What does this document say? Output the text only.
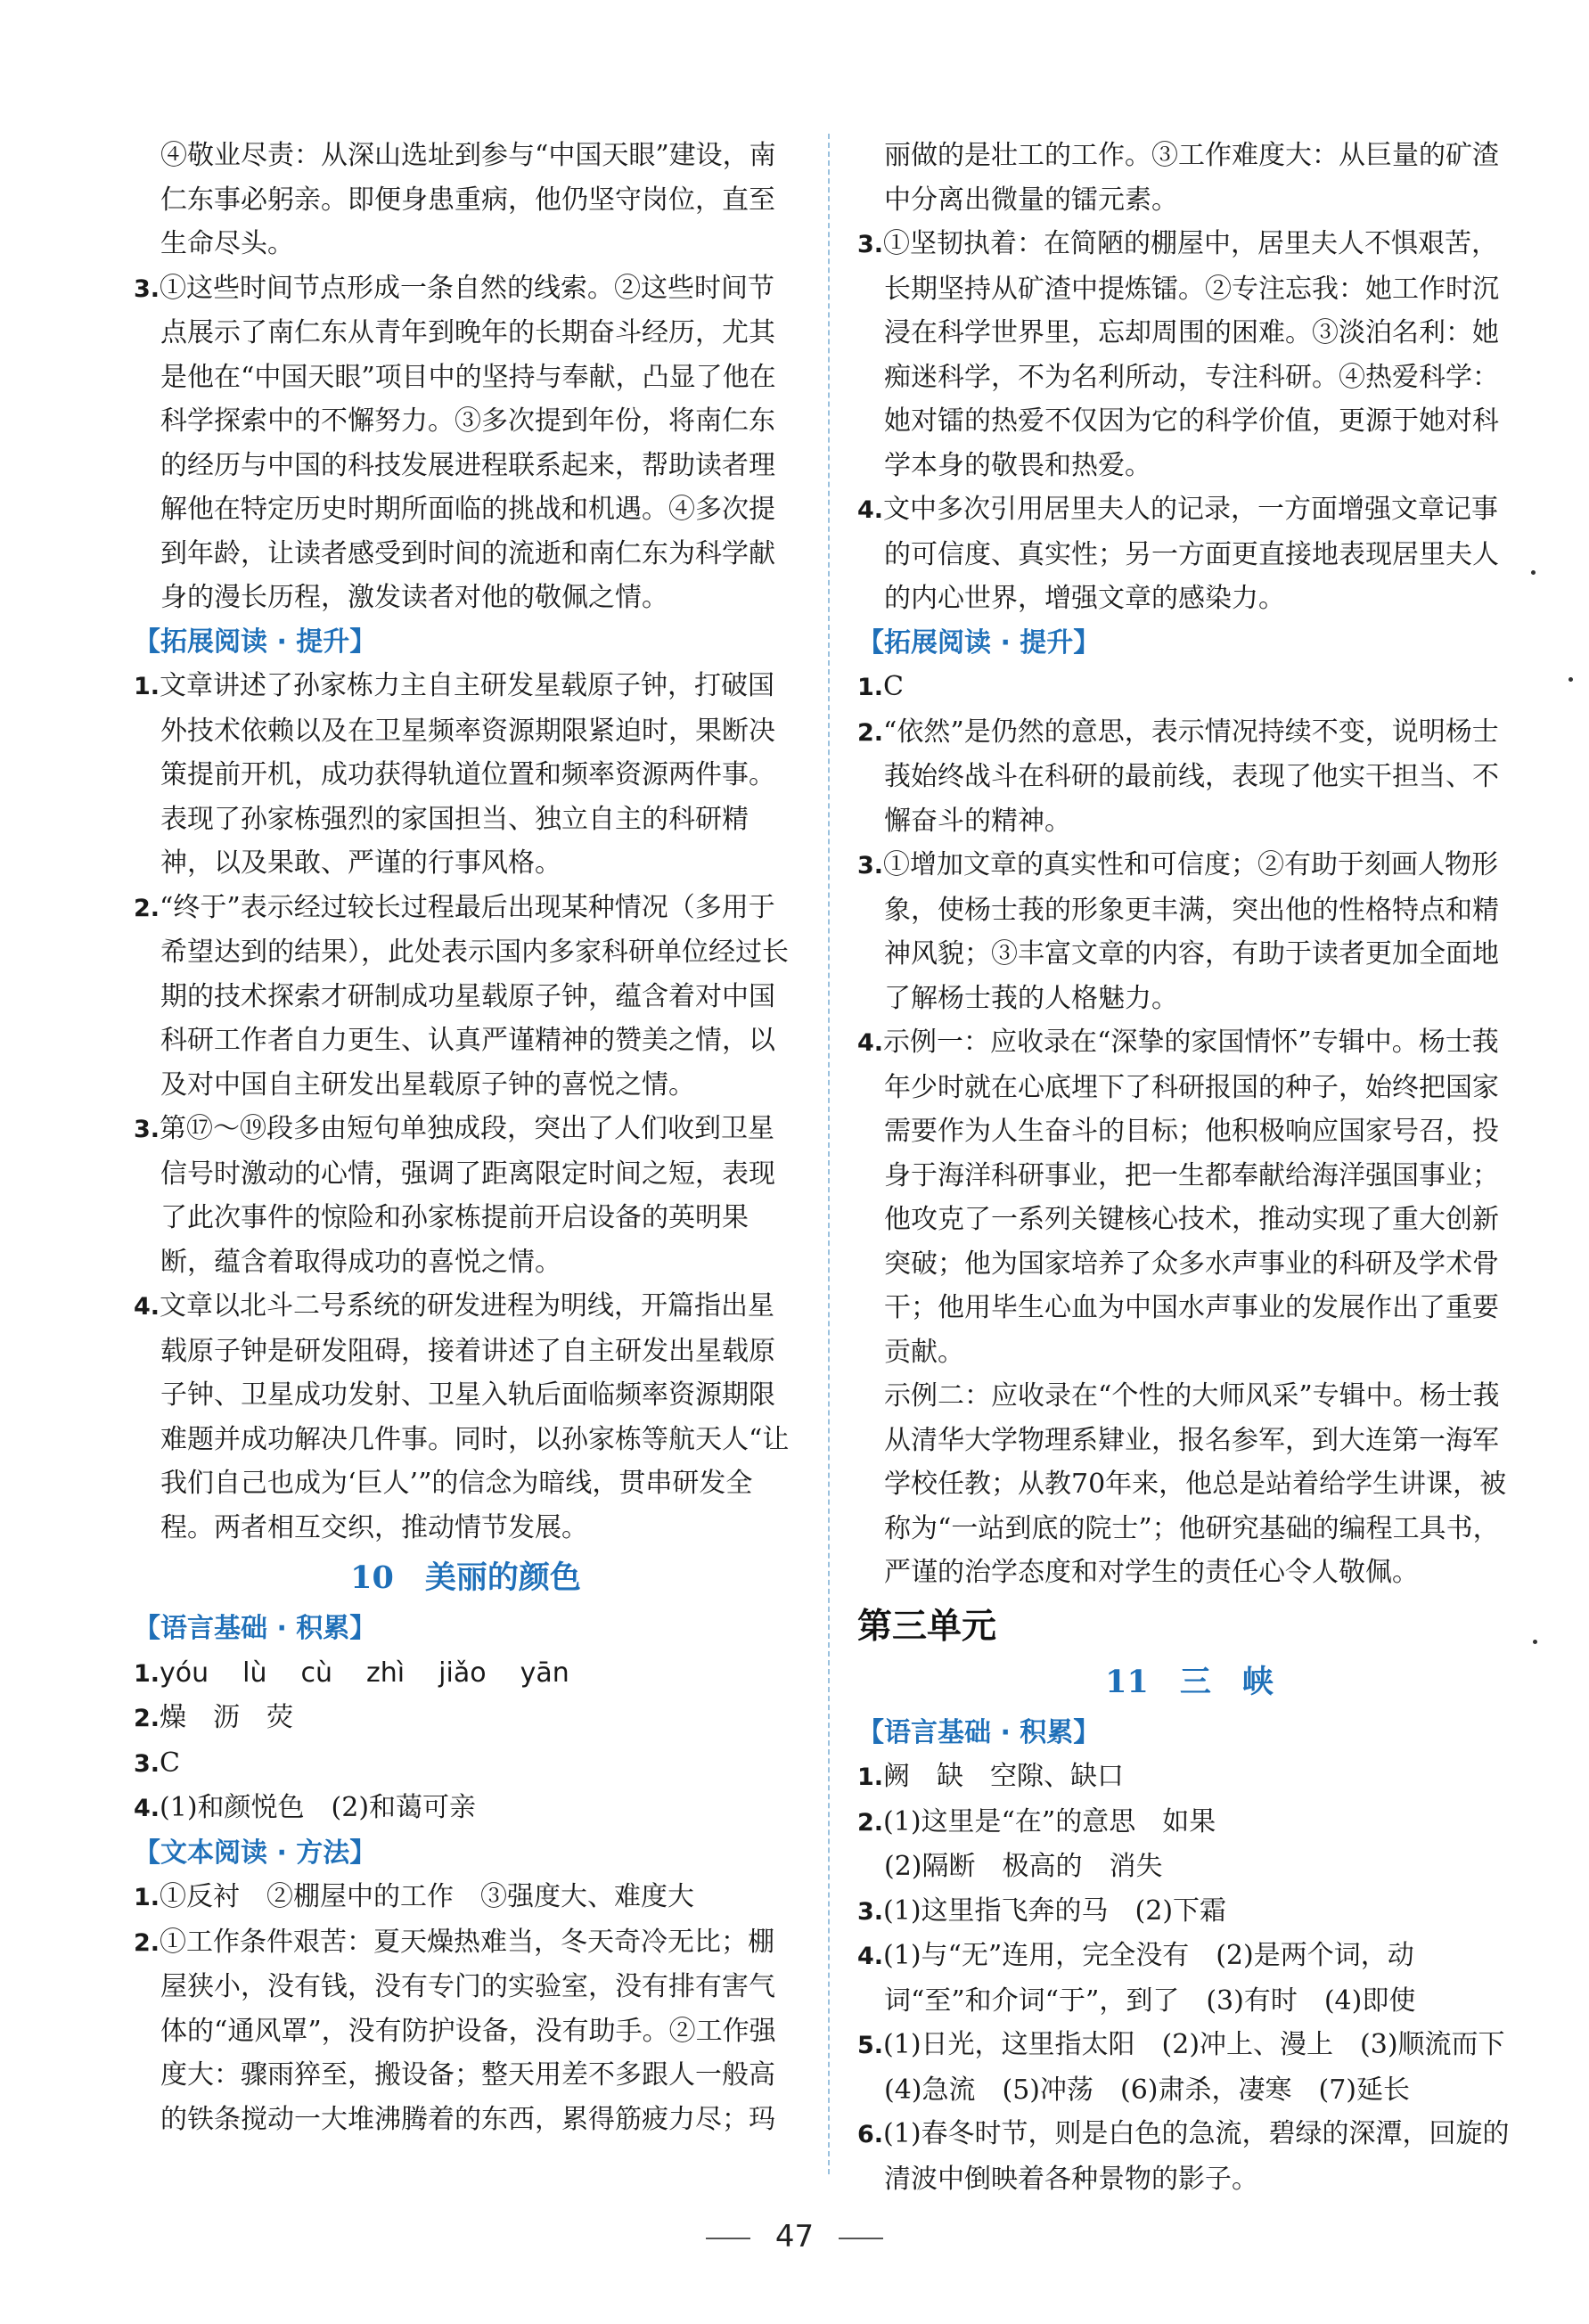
④敬业尽责：从深山选址到参与“中国天眼”建设，南仁东事必躬亲。即便身患重病，他仍坚守岗位，直至生命尽头。

3.①这些时间节点形成一条自然的线索。②这些时间节点展示了南仁东从青年到晚年的长期奋斗经历，尤其是他在“中国天眼”项目中的坚持与奉献，凸显了他在科学探索中的不懈努力。③多次提到年份，将南仁东的经历与中国的科技发展进程联系起来，帮助读者理解他在特定历史时期所面临的挑战和机遇。④多次提到年龄，让读者感受到时间的流逝和南仁东为科学献身的漫长历程，激发读者对他的敬佩之情。

【拓展阅读 · 提升】

1.文章讲述了孙家栋力主自主研发星载原子钟，打破国外技术依赖以及在卫星频率资源期限紧迫时，果断决策提前开机，成功获得轨道位置和频率资源两件事。表现了孙家栋强烈的家国担当、独立自主的科研精神，以及果敢、严谨的行事风格。

2.“终于”表示经过较长过程最后出现某种情况（多用于希望达到的结果），此处表示国内多家科研单位经过长期的技术探索才研制成功星载原子钟，蕴含着对中国科研工作者自力更生、认真严谨精神的赞美之情，以及对中国自主研发出星载原子钟的喜悦之情。

3.第⑰～⑲段多由短句单独成段，突出了人们收到卫星信号时激动的心情，强调了距离限定时间之短，表现了此次事件的惊险和孙家栋提前开启设备的英明果断，蕴含着取得成功的喜悦之情。

4.文章以北斗二号系统的研发进程为明线，开篇指出星载原子钟是研发阻碍，接着讲述了自主研发出星载原子钟、卫星成功发射、卫星入轨后面临频率资源期限难题并成功解决几件事。同时，以孙家栋等航天人“让我们自己也成为‘巨人’”的信念为暗线，贯串研发全程。两者相互交织，推动情节发展。

10　美丽的颜色

【语言基础 · 积累】

1.yóu lù cù zhì jiǎo yān

2.燥　沥　荧

3.C

4.(1)和颜悦色　(2)和蔼可亲

【文本阅读 · 方法】

1.①反衬　②棚屋中的工作　③强度大、难度大

2.①工作条件艰苦：夏天燥热难当，冬天奇冷无比；棚屋狭小，没有钱，没有专门的实验室，没有排有害气体的“通风罩”，没有防护设备，没有助手。②工作强度大：骤雨猝至，搬设备；整天用差不多跟人一般高的铁条搅动一大堆沸腾着的东西，累得筋疲力尽；玛

丽做的是壮工的工作。③工作难度大：从巨量的矿渣中分离出微量的镭元素。

3.①坚韧执着：在简陋的棚屋中，居里夫人不惧艰苦，长期坚持从矿渣中提炼镭。②专注忘我：她工作时沉浸在科学世界里，忘却周围的困难。③淡泊名利：她痴迷科学，不为名利所动，专注科研。④热爱科学：她对镭的热爱不仅因为它的科学价值，更源于她对科学本身的敬畏和热爱。

4.文中多次引用居里夫人的记录，一方面增强文章记事的可信度、真实性；另一方面更直接地表现居里夫人的内心世界，增强文章的感染力。

【拓展阅读 · 提升】

1.C

2.“依然”是仍然的意思，表示情况持续不变，说明杨士莪始终战斗在科研的最前线，表现了他实干担当、不懈奋斗的精神。

3.①增加文章的真实性和可信度；②有助于刻画人物形象，使杨士莪的形象更丰满，突出他的性格特点和精神风貌；③丰富文章的内容，有助于读者更加全面地了解杨士莪的人格魅力。

4.示例一：应收录在“深挚的家国情怀”专辑中。杨士莪年少时就在心底埋下了科研报国的种子，始终把国家需要作为人生奋斗的目标；他积极响应国家号召，投身于海洋科研事业，把一生都奉献给海洋强国事业；他攻克了一系列关键核心技术，推动实现了重大创新突破；他为国家培养了众多水声事业的科研及学术骨干；他用毕生心血为中国水声事业的发展作出了重要贡献。

示例二：应收录在“个性的大师风采”专辑中。杨士莪从清华大学物理系肄业，报名参军，到大连第一海军学校任教；从教70年来，他总是站着给学生讲课，被称为“一站到底的院士”；他研究基础的编程工具书，严谨的治学态度和对学生的责任心令人敬佩。

第三单元

11　三　峡

【语言基础 · 积累】

1.阙　缺　空隙、缺口

2.(1)这里是“在”的意思　如果

(2)隔断　极高的　消失

3.(1)这里指飞奔的马　(2)下霜

4.(1)与“无”连用，完全没有　(2)是两个词，动词“至”和介词“于”，到了　(3)有时　(4)即使

5.(1)日光，这里指太阳　(2)冲上、漫上　(3)顺流而下　(4)急流　(5)冲荡　(6)肃杀，凄寒　(7)延长

6.(1)春冬时节，则是白色的急流，碧绿的深潭，回旋的清波中倒映着各种景物的影子。

47
